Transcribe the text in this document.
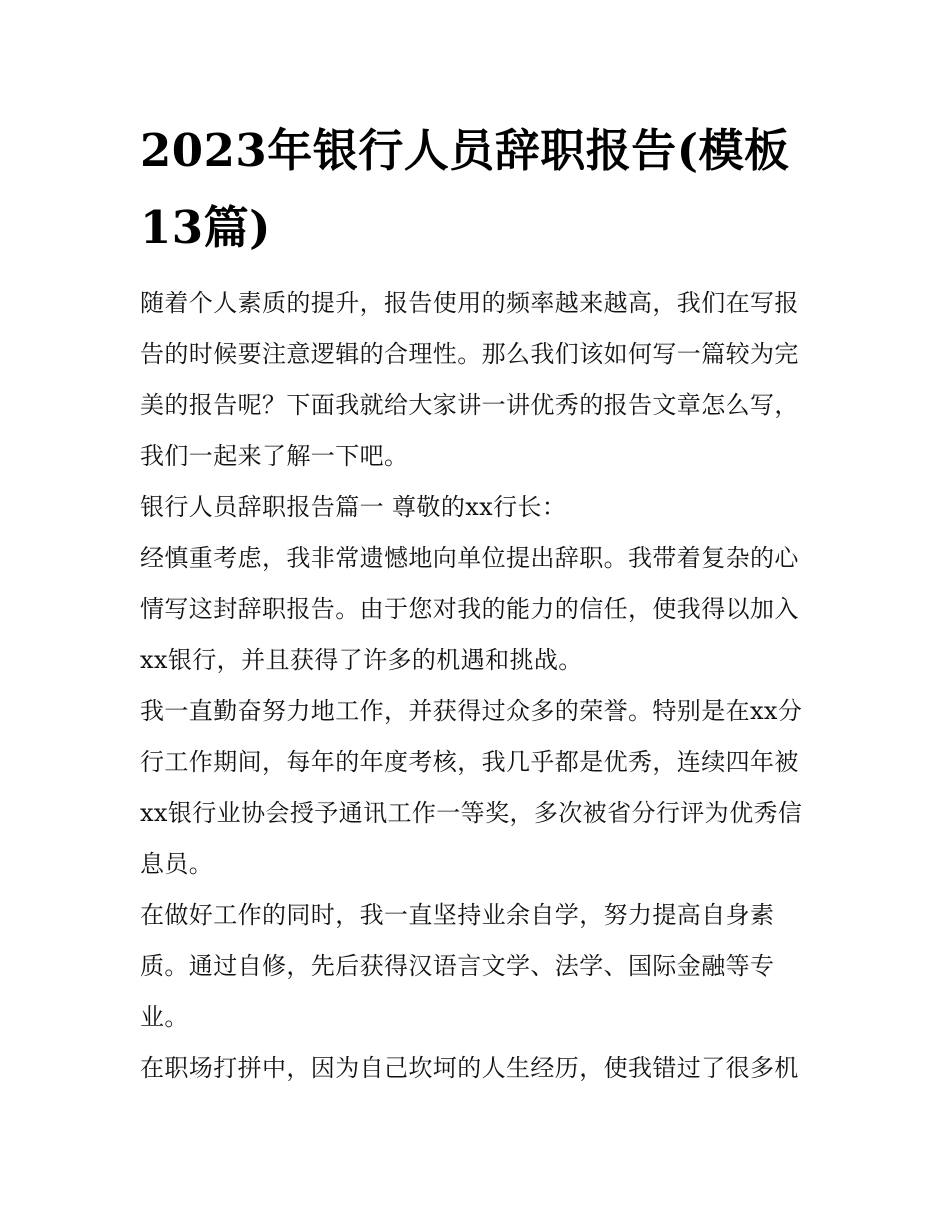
2023年银行人员辞职报告(模板13篇)

随着个人素质的提升，报告使用的频率越来越高，我们在写报告的时候要注意逻辑的合理性。那么我们该如何写一篇较为完美的报告呢？下面我就给大家讲一讲优秀的报告文章怎么写，我们一起来了解一下吧。

银行人员辞职报告篇一 尊敬的xx行长：

经慎重考虑，我非常遗憾地向单位提出辞职。我带着复杂的心情写这封辞职报告。由于您对我的能力的信任，使我得以加入xx银行，并且获得了许多的机遇和挑战。

我一直勤奋努力地工作，并获得过众多的荣誉。特别是在xx分行工作期间，每年的年度考核，我几乎都是优秀，连续四年被xx银行业协会授予通讯工作一等奖，多次被省分行评为优秀信息员。

在做好工作的同时，我一直坚持业余自学，努力提高自身素质。通过自修，先后获得汉语言文学、法学、国际金融等专业。

在职场打拼中，因为自己坎坷的人生经历，使我错过了很多机
